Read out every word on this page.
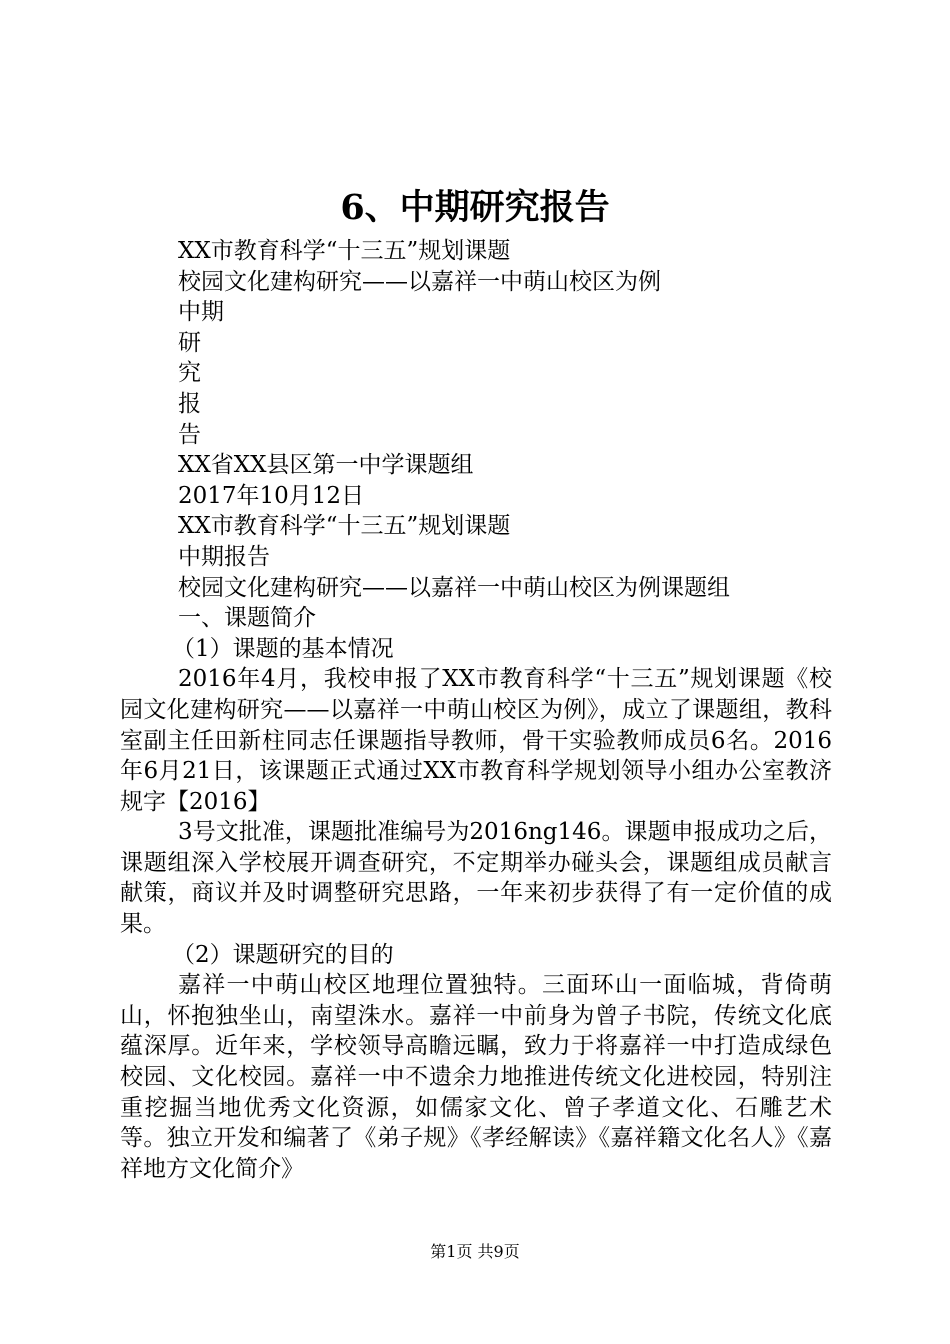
6、中期研究报告

XX市教育科学“十三五”规划课题

校园文化建构研究——以嘉祥一中萌山校区为例

中期

研

究

报

告

XX省XX县区第一中学课题组

2017年10月12日

XX市教育科学“十三五”规划课题

中期报告

校园文化建构研究——以嘉祥一中萌山校区为例课题组

一、课题简介

（1）课题的基本情况

2016年4月，我校申报了XX市教育科学“十三五”规划课题《校园文化建构研究——以嘉祥一中萌山校区为例》，成立了课题组，教科室副主任田新柱同志任课题指导教师，骨干实验教师成员6名。2016年6月21日，该课题正式通过XX市教育科学规划领导小组办公室教济规字【2016】

3号文批准，课题批准编号为2016ng146。课题申报成功之后，课题组深入学校展开调查研究，不定期举办碰头会，课题组成员献言献策，商议并及时调整研究思路，一年来初步获得了有一定价值的成果。

（2）课题研究的目的

嘉祥一中萌山校区地理位置独特。三面环山一面临城，背倚萌山，怀抱独坐山，南望洙水。嘉祥一中前身为曾子书院，传统文化底蕴深厚。近年来，学校领导高瞻远瞩，致力于将嘉祥一中打造成绿色校园、文化校园。嘉祥一中不遗余力地推进传统文化进校园，特别注重挖掘当地优秀文化资源，如儒家文化、曾子孝道文化、石雕艺术等。独立开发和编著了《弟子规》《孝经解读》《嘉祥籍文化名人》《嘉祥地方文化简介》

第1页 共9页
